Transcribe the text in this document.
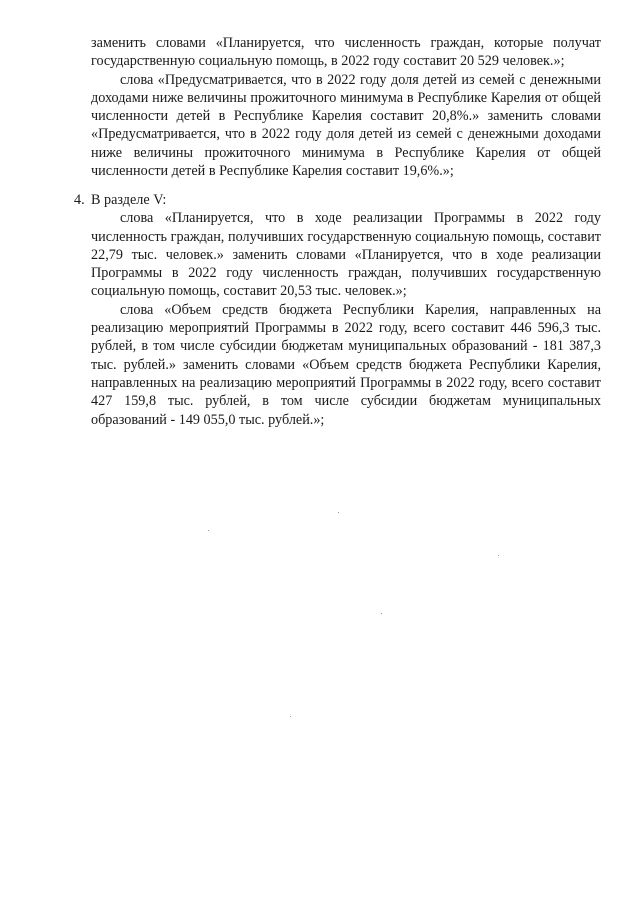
заменить словами «Планируется, что численность граждан, которые получат государственную социальную помощь, в 2022 году составит 20 529 человек.»;

слова «Предусматривается, что в 2022 году доля детей из семей с денежными доходами ниже величины прожиточного минимума в Республике Карелия от общей численности детей в Республике Карелия составит 20,8%.» заменить словами «Предусматривается, что в 2022 году доля детей из семей с денежными доходами ниже величины прожиточного минимума в Республике Карелия от общей численности детей в Республике Карелия составит 19,6%.»;

4. В разделе V:

слова «Планируется, что в ходе реализации Программы в 2022 году численность граждан, получивших государственную социальную помощь, составит 22,79 тыс. человек.» заменить словами «Планируется, что в ходе реализации Программы в 2022 году численность граждан, получивших государственную социальную помощь, составит 20,53 тыс. человек.»;

слова «Объем средств бюджета Республики Карелия, направленных на реализацию мероприятий Программы в 2022 году, всего составит 446 596,3 тыс. рублей, в том числе субсидии бюджетам муниципальных образований - 181 387,3 тыс. рублей.» заменить словами «Объем средств бюджета Республики Карелия, направленных на реализацию мероприятий Программы в 2022 году, всего составит 427 159,8 тыс. рублей, в том числе субсидии бюджетам муниципальных образований - 149 055,0 тыс. рублей.»;
